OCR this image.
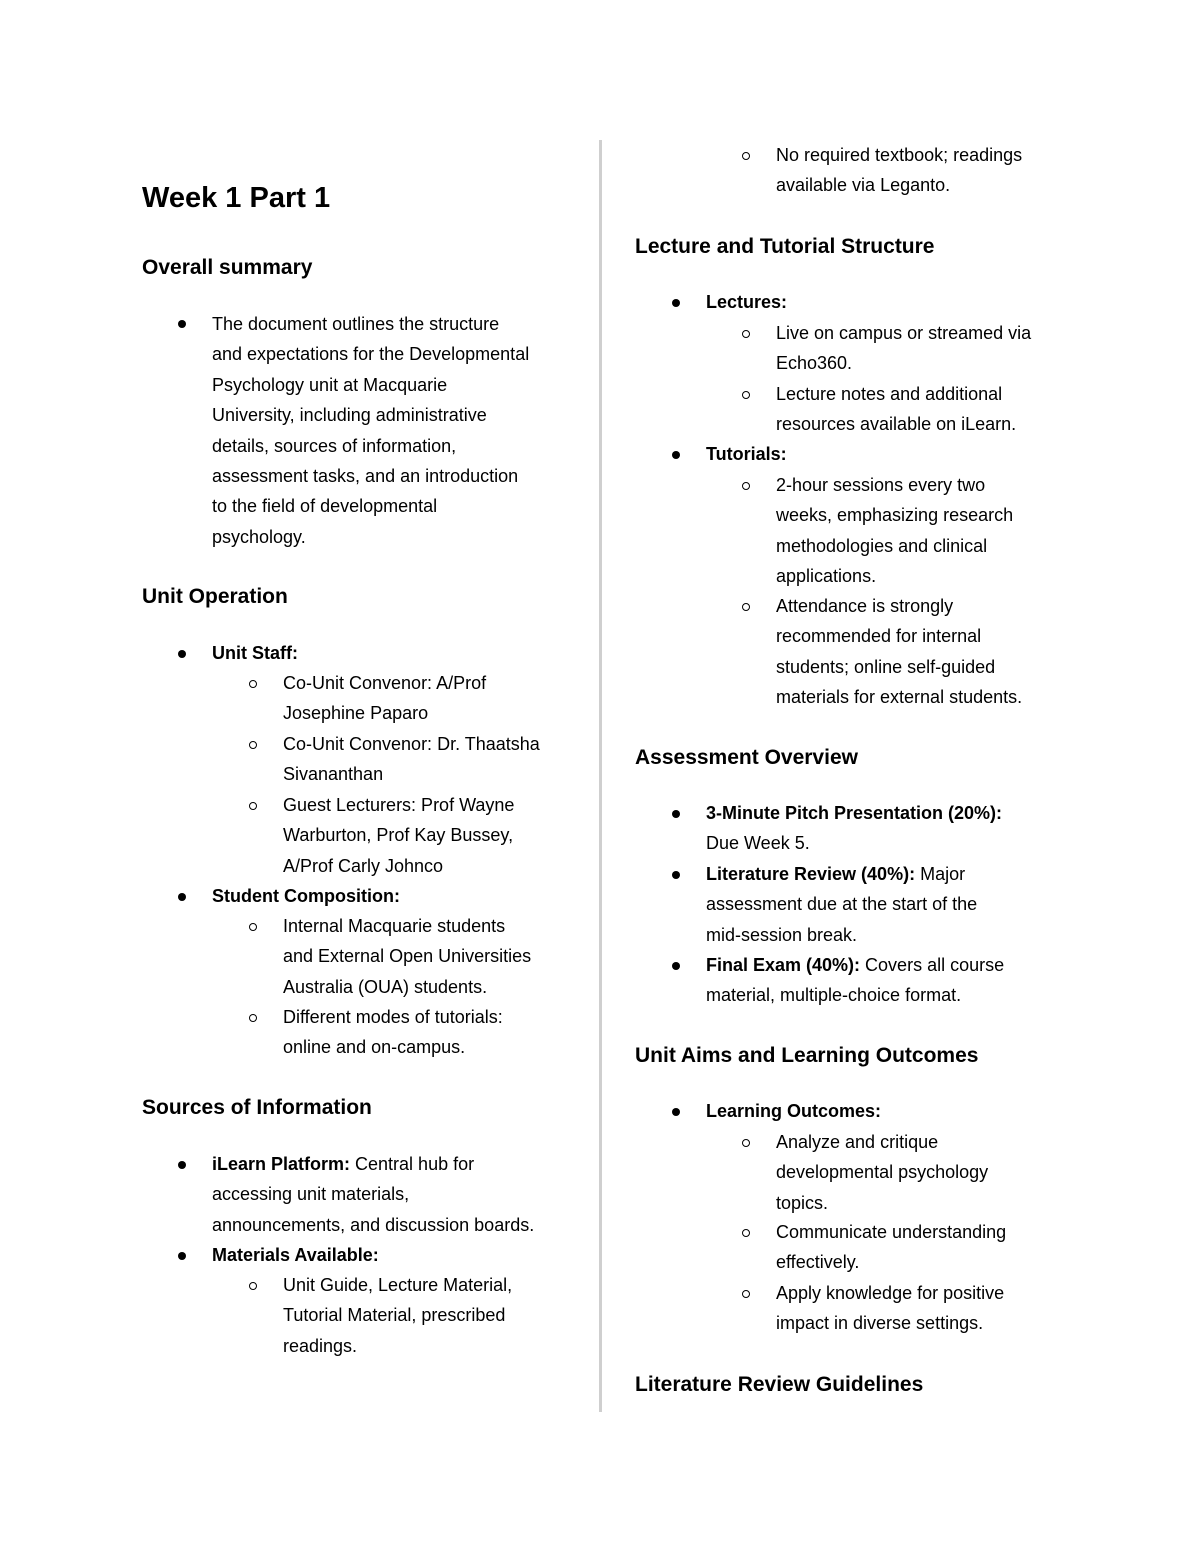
Week 1 Part 1
Overall summary
The document outlines the structure
and expectations for the Developmental
Psychology unit at Macquarie
University, including administrative
details, sources of information,
assessment tasks, and an introduction
to the field of developmental
psychology.
Unit Operation
Unit Staff:
Co-Unit Convenor: A/Prof
Josephine Paparo
Co-Unit Convenor: Dr. Thaatsha
Sivananthan
Guest Lecturers: Prof Wayne
Warburton, Prof Kay Bussey,
A/Prof Carly Johnco
Student Composition:
Internal Macquarie students
and External Open Universities
Australia (OUA) students.
Different modes of tutorials:
online and on-campus.
Sources of Information
iLearn Platform: Central hub for
accessing unit materials,
announcements, and discussion boards.
Materials Available:
Unit Guide, Lecture Material,
Tutorial Material, prescribed
readings.
No required textbook; readings
available via Leganto.
Lecture and Tutorial Structure
Lectures:
Live on campus or streamed via
Echo360.
Lecture notes and additional
resources available on iLearn.
Tutorials:
2-hour sessions every two
weeks, emphasizing research
methodologies and clinical
applications.
Attendance is strongly
recommended for internal
students; online self-guided
materials for external students.
Assessment Overview
3-Minute Pitch Presentation (20%):
Due Week 5.
Literature Review (40%): Major
assessment due at the start of the
mid-session break.
Final Exam (40%): Covers all course
material, multiple-choice format.
Unit Aims and Learning Outcomes
Learning Outcomes:
Analyze and critique
developmental psychology
topics.
Communicate understanding
effectively.
Apply knowledge for positive
impact in diverse settings.
Literature Review Guidelines
